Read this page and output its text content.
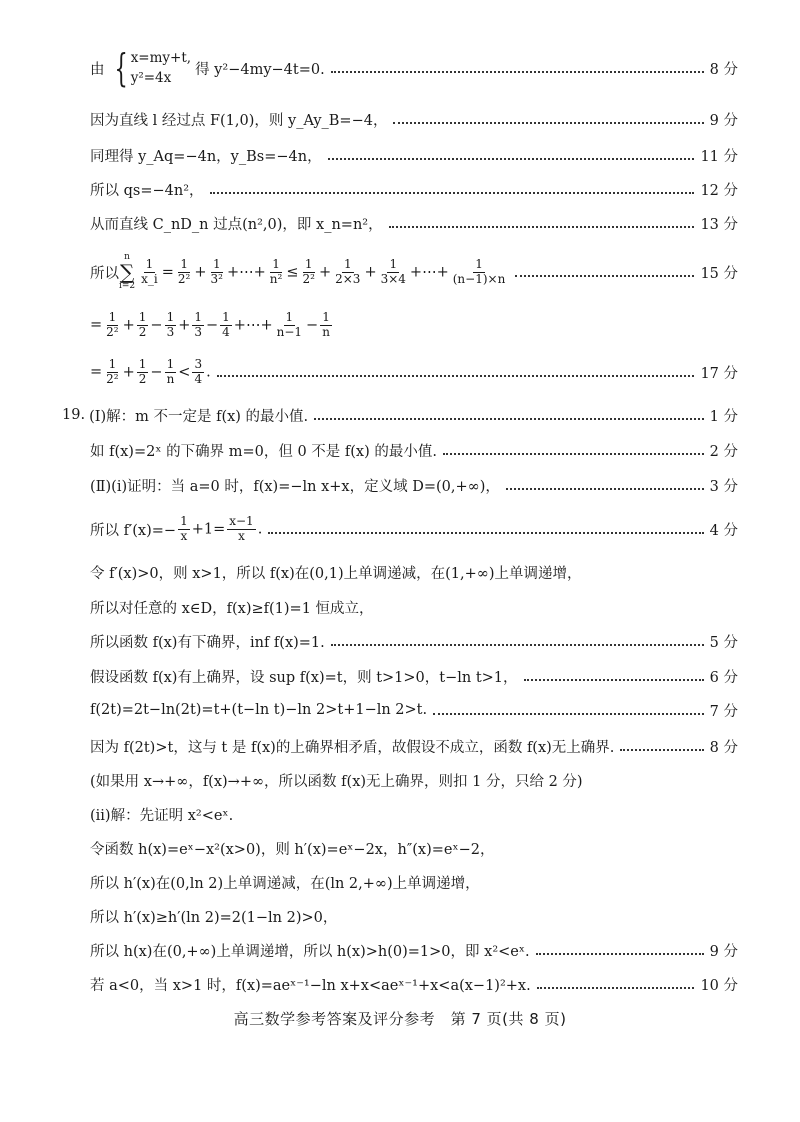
由 { x=my+t,
y²=4x
得 y²−4my−4t=0.	8 分
因为直线 l 经过点 F(1,0)，则 y_Ay_B=−4，	9 分
同理得 y_Aq=−4n，y_Bs=−4n，	11 分
所以 qs=−4n²，	12 分
从而直线 C_nD_n 过点(n²,0)，即 x_n=n²，	13 分
所以
n
∑
$i=2 \frac{1}{x\_i} = \frac{1}{\text{2²}} + \frac{1}{\text{3²}}$ +⋯+ $\frac{1}{\text{n²}} \le \frac{1}{\text{2²}} + \frac{1}{2\times 3} + \frac{1}{3\times 4}$ +⋯+ $\frac{1}{(n-1)\times n}$	15 分
= $\frac{1}{\text{2²}} + \frac{1}{2} - \frac{1}{3} + \frac{1}{3} - \frac{1}{4}$ +⋯+ $\frac{1}{n-1} - \frac{1}{n}$
= $\frac{1}{\text{2²}} + \frac{1}{2} - \frac{1}{n} < \frac{3}{4}$ .	17 分
19. (Ⅰ)解：m 不一定是 f(x) 的最小值.	1 分
如 f(x)=2ˣ 的下确界 m=0，但 0 不是 f(x) 的最小值.	2 分
(Ⅱ)(i)证明：当 a=0 时，f(x)=−ln x+x，定义域 D=(0,+∞)，	3 分
所以 $f'(x)=- \frac{1}{x} +1= \frac{x-1}{x}$ .	4 分
令 f′(x)>0，则 x>1，所以 f(x)在(0,1)上单调递减，在(1,+∞)上单调递增，
所以对任意的 x∈D，f(x)≥f(1)=1 恒成立，
所以函数 f(x)有下确界，inf f(x)=1.	5 分
假设函数 f(x)有上确界，设 sup f(x)=t，则 t>1>0，t−ln t>1，	6 分
f(2t)=2t−ln(2t)=t+(t−ln t)−ln 2>t+1−ln 2>t.	7 分
因为 f(2t)>t，这与 t 是 f(x)的上确界相矛盾，故假设不成立，函数 f(x)无上确界.	8 分
(如果用 x→+∞，f(x)→+∞，所以函数 f(x)无上确界，则扣 1 分，只给 2 分)
(ii)解：先证明 x²<eˣ.
令函数 h(x)=eˣ−x²(x>0)，则 h′(x)=eˣ−2x，h″(x)=eˣ−2，
所以 h′(x)在(0,ln 2)上单调递减，在(ln 2,+∞)上单调递增，
所以 h′(x)≥h′(ln 2)=2(1−ln 2)>0，
所以 h(x)在(0,+∞)上单调递增，所以 h(x)>h(0)=1>0，即 x²<eˣ.	9 分
若 a<0，当 x>1 时，f(x)=aeˣ⁻¹−ln x+x<aeˣ⁻¹+x<a(x−1)²+x.	10 分
高三数学参考答案及评分参考　第 7 页(共 8 页)
